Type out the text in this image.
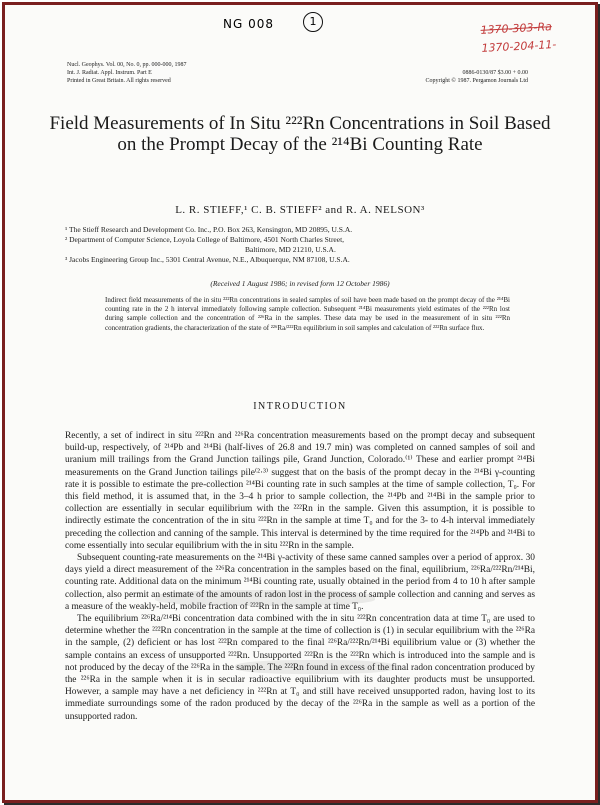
NG 008	1	1370-303-Ra
1370-204-11-
Nucl. Geophys. Vol. 00, No. 0, pp. 000-000, 1987
Int. J. Radiat. Appl. Instrum. Part E
Printed in Great Britain. All rights reserved
0886-0130/87 $3.00 + 0.00
Copyright © 1987. Pergamon Journals Ltd
Field Measurements of In Situ ²²²Rn Concentrations in Soil Based on the Prompt Decay of the ²¹⁴Bi Counting Rate
L. R. STIEFF,¹ C. B. STIEFF² and R. A. NELSON³
¹ The Stieff Research and Development Co. Inc., P.O. Box 263, Kensington, MD 20895, U.S.A.
² Department of Computer Science, Loyola College of Baltimore, 4501 North Charles Street,
Baltimore, MD 21210, U.S.A.
³ Jacobs Engineering Group Inc., 5301 Central Avenue, N.E., Albuquerque, NM 87108, U.S.A.
(Received 1 August 1986; in revised form 12 October 1986)
Indirect field measurements of the in situ ²²²Rn concentrations in sealed samples of soil have been made based on the prompt decay of the ²¹⁴Bi counting rate in the 2 h interval immediately following sample collection. Subsequent ²¹⁴Bi measurements yield estimates of the ²²²Rn lost during sample collection and the concentration of ²²⁶Ra in the samples. These data may be used in the measurement of in situ ²²²Rn concentration gradients, the characterization of the state of ²²⁶Ra/²²²Rn equilibrium in soil samples and calculation of ²²²Rn surface flux.
INTRODUCTION

Recently, a set of indirect in situ ²²²Rn and ²²⁶Ra concentration measurements based on the prompt decay and subsequent build-up, respectively, of ²¹⁴Pb and ²¹⁴Bi (half-lives of 26.8 and 19.7 min) was completed on canned samples of soil and uranium mill trailings from the Grand Junction tailings pile, Grand Junction, Colorado.⁽¹⁾ These and earlier prompt ²¹⁴Bi measurements on the Grand Junction tailings pile⁽²·³⁾ suggest that on the basis of the prompt decay in the ²¹⁴Bi γ-counting rate it is possible to estimate the pre-collection ²¹⁴Bi counting rate in such samples at the time of sample collection, T₀. For this field method, it is assumed that, in the 3–4 h prior to sample collection, the ²¹⁴Pb and ²¹⁴Bi in the sample prior to collection are essentially in secular equilibrium with the ²²²Rn in the sample. Given this assumption, it is possible to indirectly estimate the concentration of the in situ ²²²Rn in the sample at time T₀ and for the 3- to 4-h interval immediately preceding the collection and canning of the sample. This interval is determined by the time required for the ²¹⁴Pb and ²¹⁴Bi to come essentially into secular equilibrium with the in situ ²²²Rn in the sample.

Subsequent counting-rate measurements on the ²¹⁴Bi γ-activity of these same canned samples over a period of approx. 30 days yield a direct measurement of the ²²⁶Ra concentration in the samples based on the final, equilibrium, ²²⁶Ra/²²²Rn/²¹⁴Bi, counting rate. Additional data on the minimum ²¹⁴Bi counting rate, usually obtained in the period from 4 to 10 h after sample collection, also permit an estimate of the amounts of radon lost in the process of sample collection and canning and serves as a measure of the weakly-held, mobile fraction of ²²²Rn in the sample at time T₀.

The equilibrium ²²⁶Ra/²¹⁴Bi concentration data combined with the in situ ²²²Rn concentration data at time T₀ are used to determine whether the ²²²Rn concentration in the sample at the time of collection is (1) in secular equilibrium with the ²²⁶Ra in the sample, (2) deficient or has lost ²²²Rn compared to the final ²²⁶Ra/²²²Rn/²¹⁴Bi equilibrium value or (3) whether the sample contains an excess of unsupported ²²²Rn. Unsupported ²²²Rn is the ²²²Rn which is introduced into the sample and is not produced by the decay of the ²²⁶Ra in the sample. The ²²²Rn found in excess of the final radon concentration produced by the ²²⁶Ra in the sample when it is in secular radioactive equilibrium with its daughter products must be unsupported. However, a sample may have a net deficiency in ²²²Rn at T₀ and still have received unsupported radon, having lost to its immediate surroundings some of the radon produced by the decay of the ²²⁶Ra in the sample as well as a portion of the unsupported radon.
